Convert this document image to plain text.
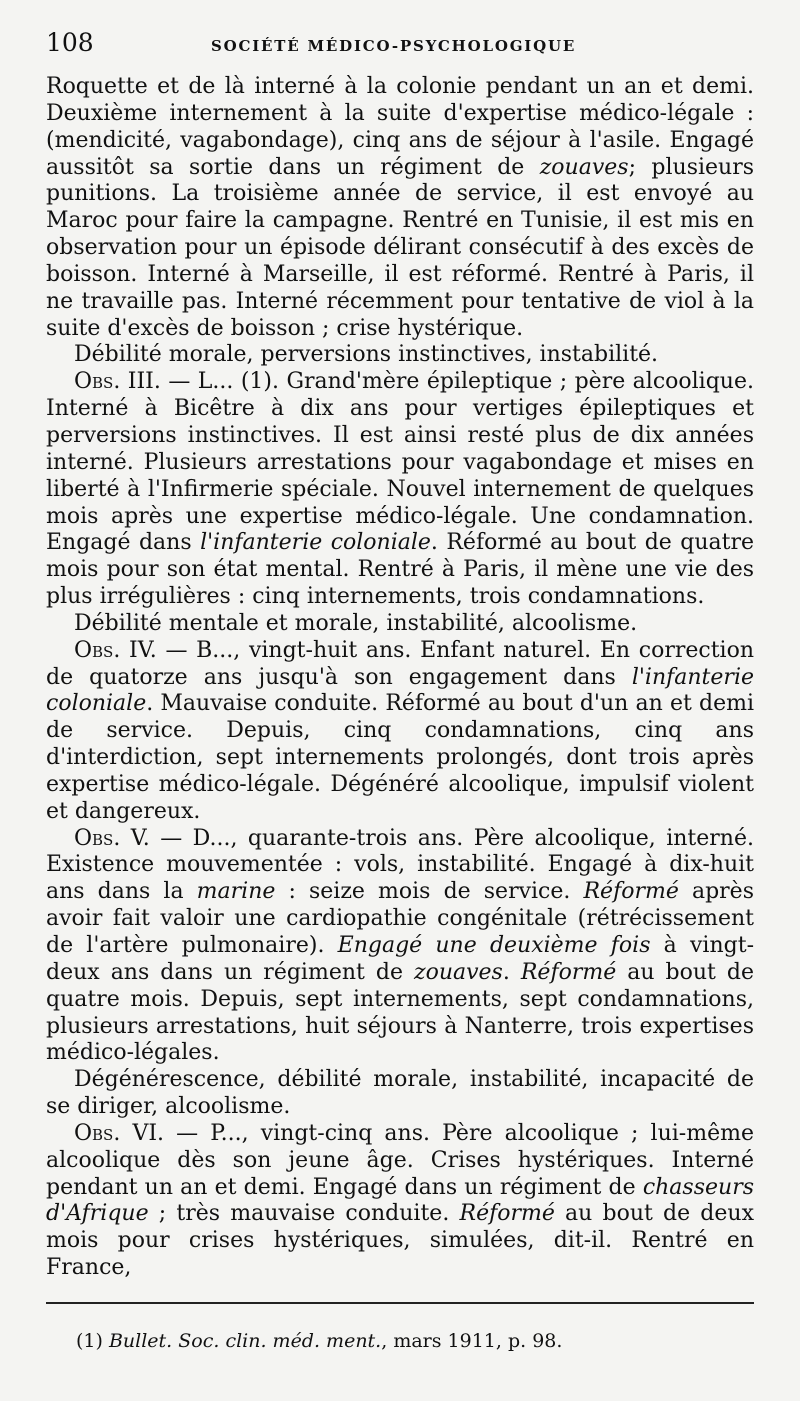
108	SOCIÉTÉ MÉDICO-PSYCHOLOGIQUE

Roquette et de là interné à la colonie pendant un an et demi. Deuxième internement à la suite d'expertise médico-légale : (mendicité, vagabondage), cinq ans de séjour à l'asile. Engagé aussitôt sa sortie dans un régiment de zouaves; plusieurs punitions. La troisième année de service, il est envoyé au Maroc pour faire la campagne. Rentré en Tunisie, il est mis en observation pour un épisode délirant consécutif à des excès de boisson. Interné à Marseille, il est réformé. Rentré à Paris, il ne travaille pas. Interné récemment pour tentative de viol à la suite d'excès de boisson ; crise hystérique.

Débilité morale, perversions instinctives, instabilité.

Obs. III. — L... (1). Grand'mère épileptique ; père alcoolique. Interné à Bicêtre à dix ans pour vertiges épileptiques et perversions instinctives. Il est ainsi resté plus de dix années interné. Plusieurs arrestations pour vagabondage et mises en liberté à l'Infirmerie spéciale. Nouvel internement de quelques mois après une expertise médico-légale. Une condamnation. Engagé dans l'infanterie coloniale. Réformé au bout de quatre mois pour son état mental. Rentré à Paris, il mène une vie des plus irrégulières : cinq internements, trois condamnations.

Débilité mentale et morale, instabilité, alcoolisme.

Obs. IV. — B..., vingt-huit ans. Enfant naturel. En correction de quatorze ans jusqu'à son engagement dans l'infanterie coloniale. Mauvaise conduite. Réformé au bout d'un an et demi de service. Depuis, cinq condamnations, cinq ans d'interdiction, sept internements prolongés, dont trois après expertise médico-légale. Dégénéré alcoolique, impulsif violent et dangereux.

Obs. V. — D..., quarante-trois ans. Père alcoolique, interné. Existence mouvementée : vols, instabilité. Engagé à dix-huit ans dans la marine : seize mois de service. Réformé après avoir fait valoir une cardiopathie congénitale (rétrécissement de l'artère pulmonaire). Engagé une deuxième fois à vingt-deux ans dans un régiment de zouaves. Réformé au bout de quatre mois. Depuis, sept internements, sept condamnations, plusieurs arrestations, huit séjours à Nanterre, trois expertises médico-légales.

Dégénérescence, débilité morale, instabilité, incapacité de se diriger, alcoolisme.

Obs. VI. — P..., vingt-cinq ans. Père alcoolique ; lui-même alcoolique dès son jeune âge. Crises hystériques. Interné pendant un an et demi. Engagé dans un régiment de chasseurs d'Afrique ; très mauvaise conduite. Réformé au bout de deux mois pour crises hystériques, simulées, dit-il. Rentré en France,

(1) Bullet. Soc. clin. méd. ment., mars 1911, p. 98.
